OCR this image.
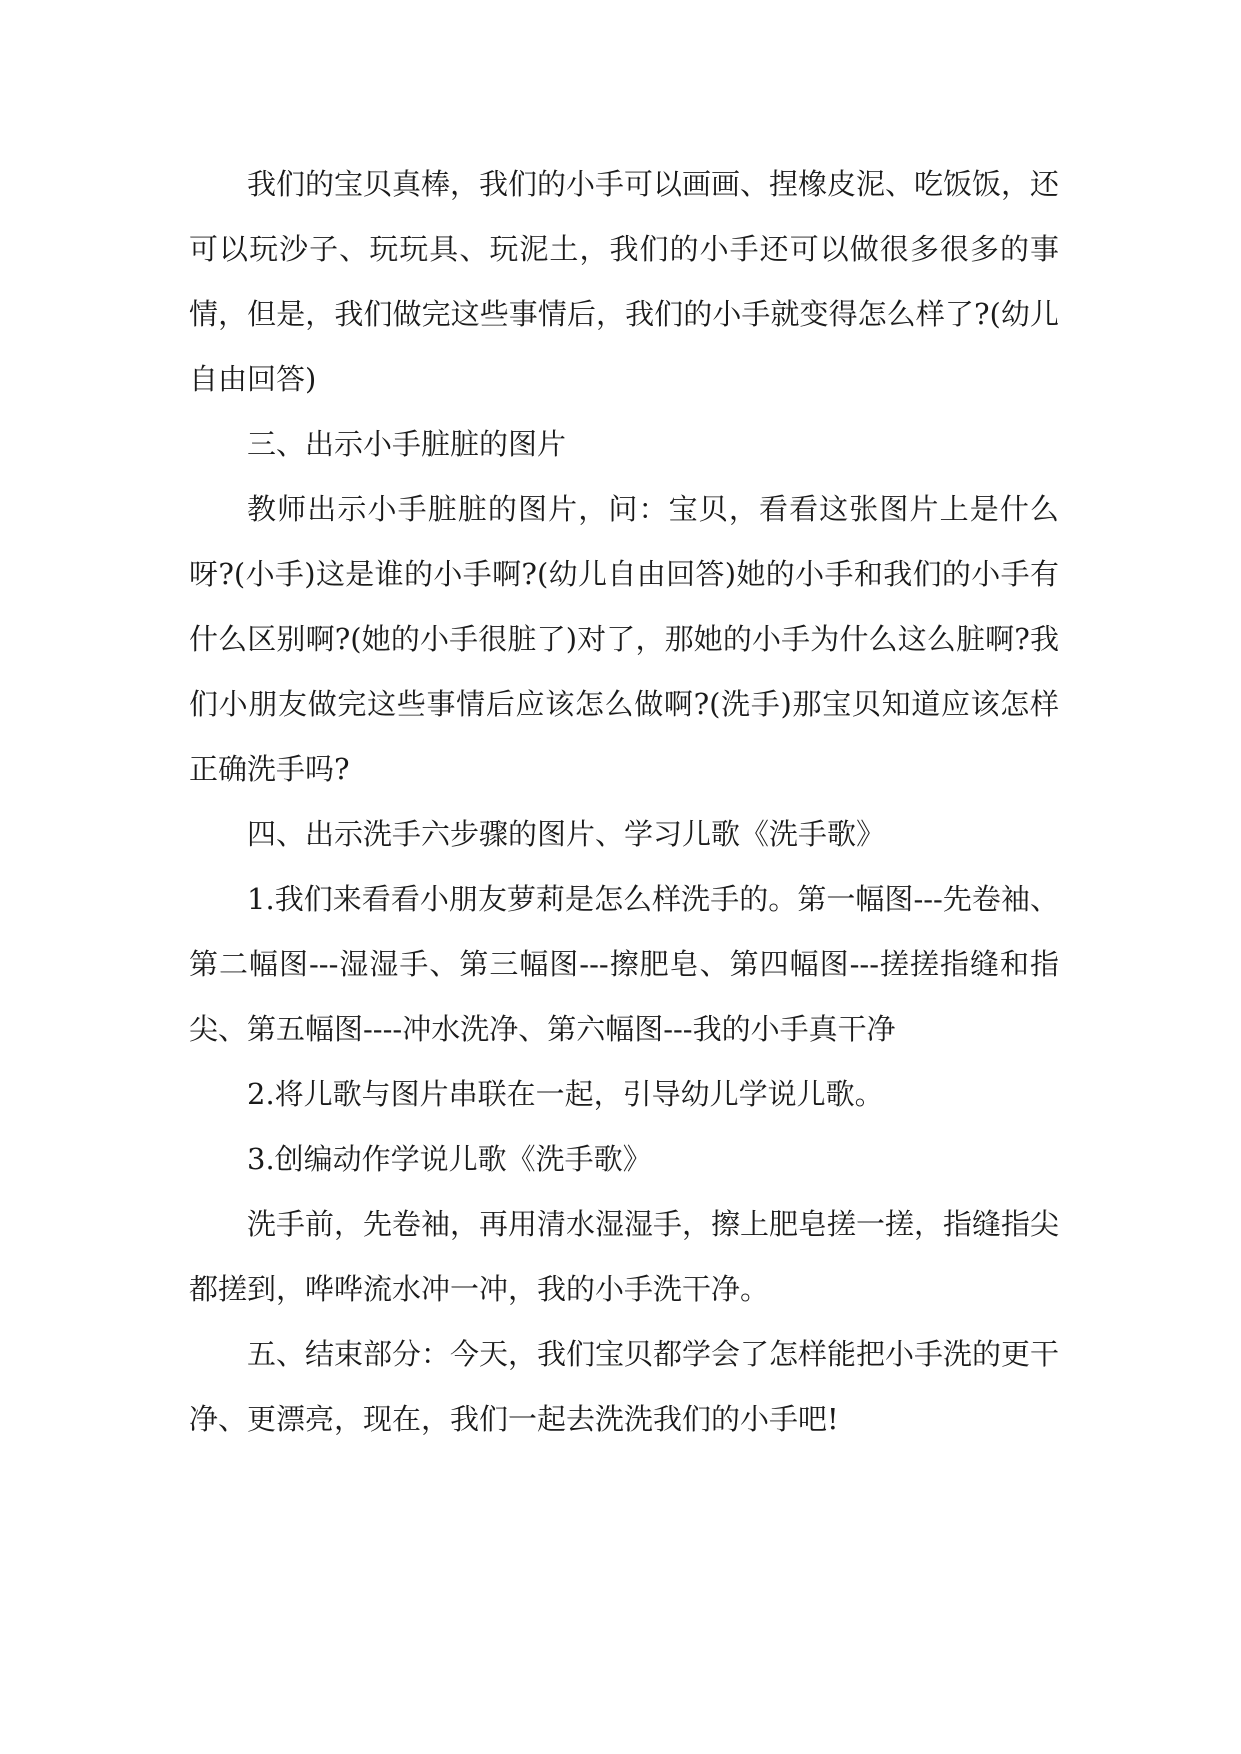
我们的宝贝真棒，我们的小手可以画画、捏橡皮泥、吃饭饭，还可以玩沙子、玩玩具、玩泥土，我们的小手还可以做很多很多的事情，但是，我们做完这些事情后，我们的小手就变得怎么样了?(幼儿自由回答)

三、出示小手脏脏的图片

教师出示小手脏脏的图片，问：宝贝，看看这张图片上是什么呀?(小手)这是谁的小手啊?(幼儿自由回答)她的小手和我们的小手有什么区别啊?(她的小手很脏了)对了，那她的小手为什么这么脏啊?我们小朋友做完这些事情后应该怎么做啊?(洗手)那宝贝知道应该怎样正确洗手吗?

四、出示洗手六步骤的图片、学习儿歌《洗手歌》

1.我们来看看小朋友萝莉是怎么样洗手的。第一幅图---先卷袖、第二幅图---湿湿手、第三幅图---擦肥皂、第四幅图---搓搓指缝和指尖、第五幅图----冲水洗净、第六幅图---我的小手真干净

2.将儿歌与图片串联在一起，引导幼儿学说儿歌。

3.创编动作学说儿歌《洗手歌》

洗手前，先卷袖，再用清水湿湿手，擦上肥皂搓一搓，指缝指尖都搓到，哗哗流水冲一冲，我的小手洗干净。

五、结束部分：今天，我们宝贝都学会了怎样能把小手洗的更干净、更漂亮，现在，我们一起去洗洗我们的小手吧!
